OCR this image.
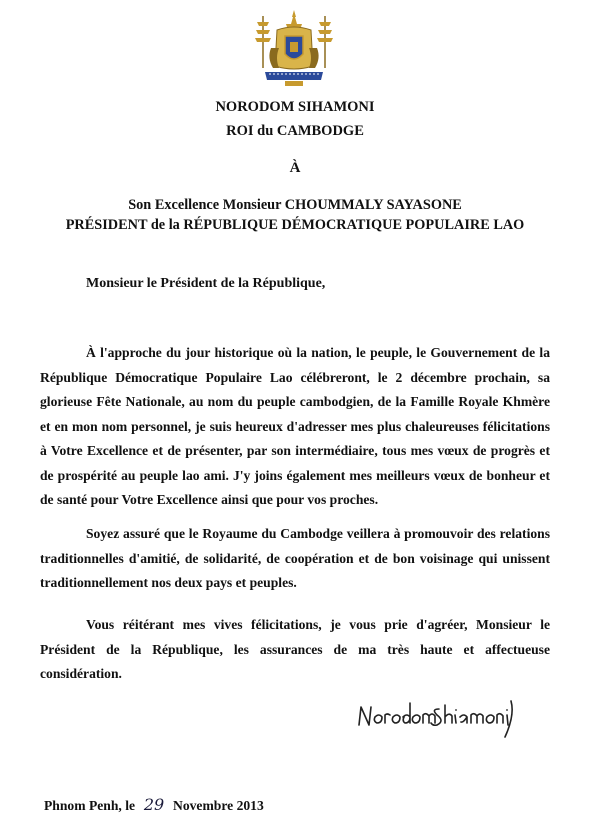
NORODOM SIHAMONI
ROI du CAMBODGE
À
Son Excellence Monsieur CHOUMMALY SAYASONE
PRÉSIDENT de la RÉPUBLIQUE DÉMOCRATIQUE POPULAIRE LAO
Monsieur le Président de la République,

À l'approche du jour historique où la nation, le peuple, le Gouvernement de la République Démocratique Populaire Lao célébreront, le 2 décembre prochain, sa glorieuse Fête Nationale, au nom du peuple cambodgien, de la Famille Royale Khmère et en mon nom personnel, je suis heureux d'adresser mes plus chaleureuses félicitations à Votre Excellence et de présenter, par son intermédiaire, tous mes vœux de progrès et de prospérité au peuple lao ami. J'y joins également mes meilleurs vœux de bonheur et de santé pour Votre Excellence ainsi que pour vos proches.

Soyez assuré que le Royaume du Cambodge veillera à promouvoir des relations traditionnelles d'amitié, de solidarité, de coopération et de bon voisinage qui unissent traditionnellement nos deux pays et peuples.

Vous réitérant mes vives félicitations, je vous prie d'agréer, Monsieur le Président de la République, les assurances de ma très haute et affectueuse considération.

Phnom Penh, le 29 Novembre 2013
